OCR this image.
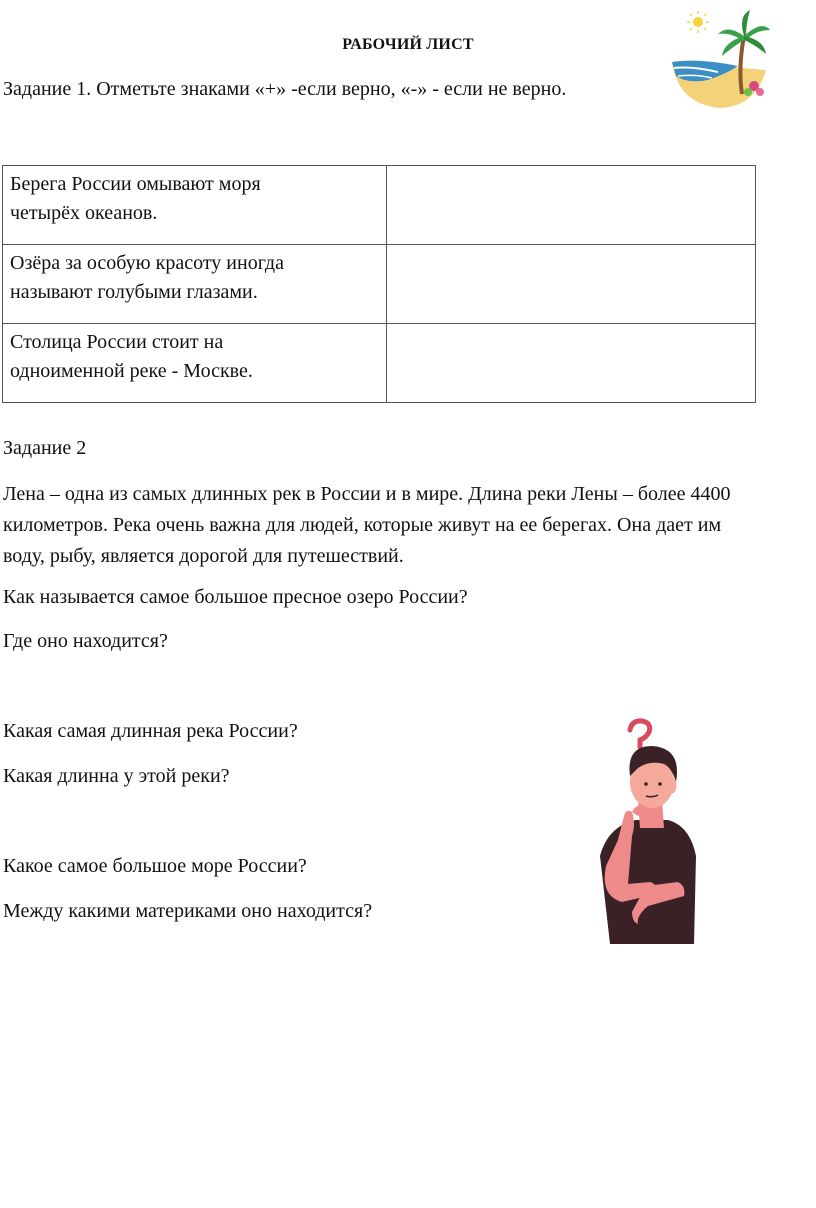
РАБОЧИЙ ЛИСТ
Задание 1. Отметьте знаками «+» -если верно, «-» - если не верно.
Берега России омывают моря
четырёх океанов.	

Озёра за особую красоту иногда
называют голубыми глазами.	

Столица России стоит на
одноименной реке - Москве.	

Задание 2
Лена – одна из самых длинных рек в России и в мире. Длина реки Лены – более 4400
километров. Река очень важна для людей, которые живут на ее берегах. Она дает им
воду, рыбу, является дорогой для путешествий.
Как называется самое большое пресное озеро России?
Где оно находится?
Какая самая длинная река России?
Какая длинна у этой реки?
Какое самое большое море России?
Между какими материками оно находится?
